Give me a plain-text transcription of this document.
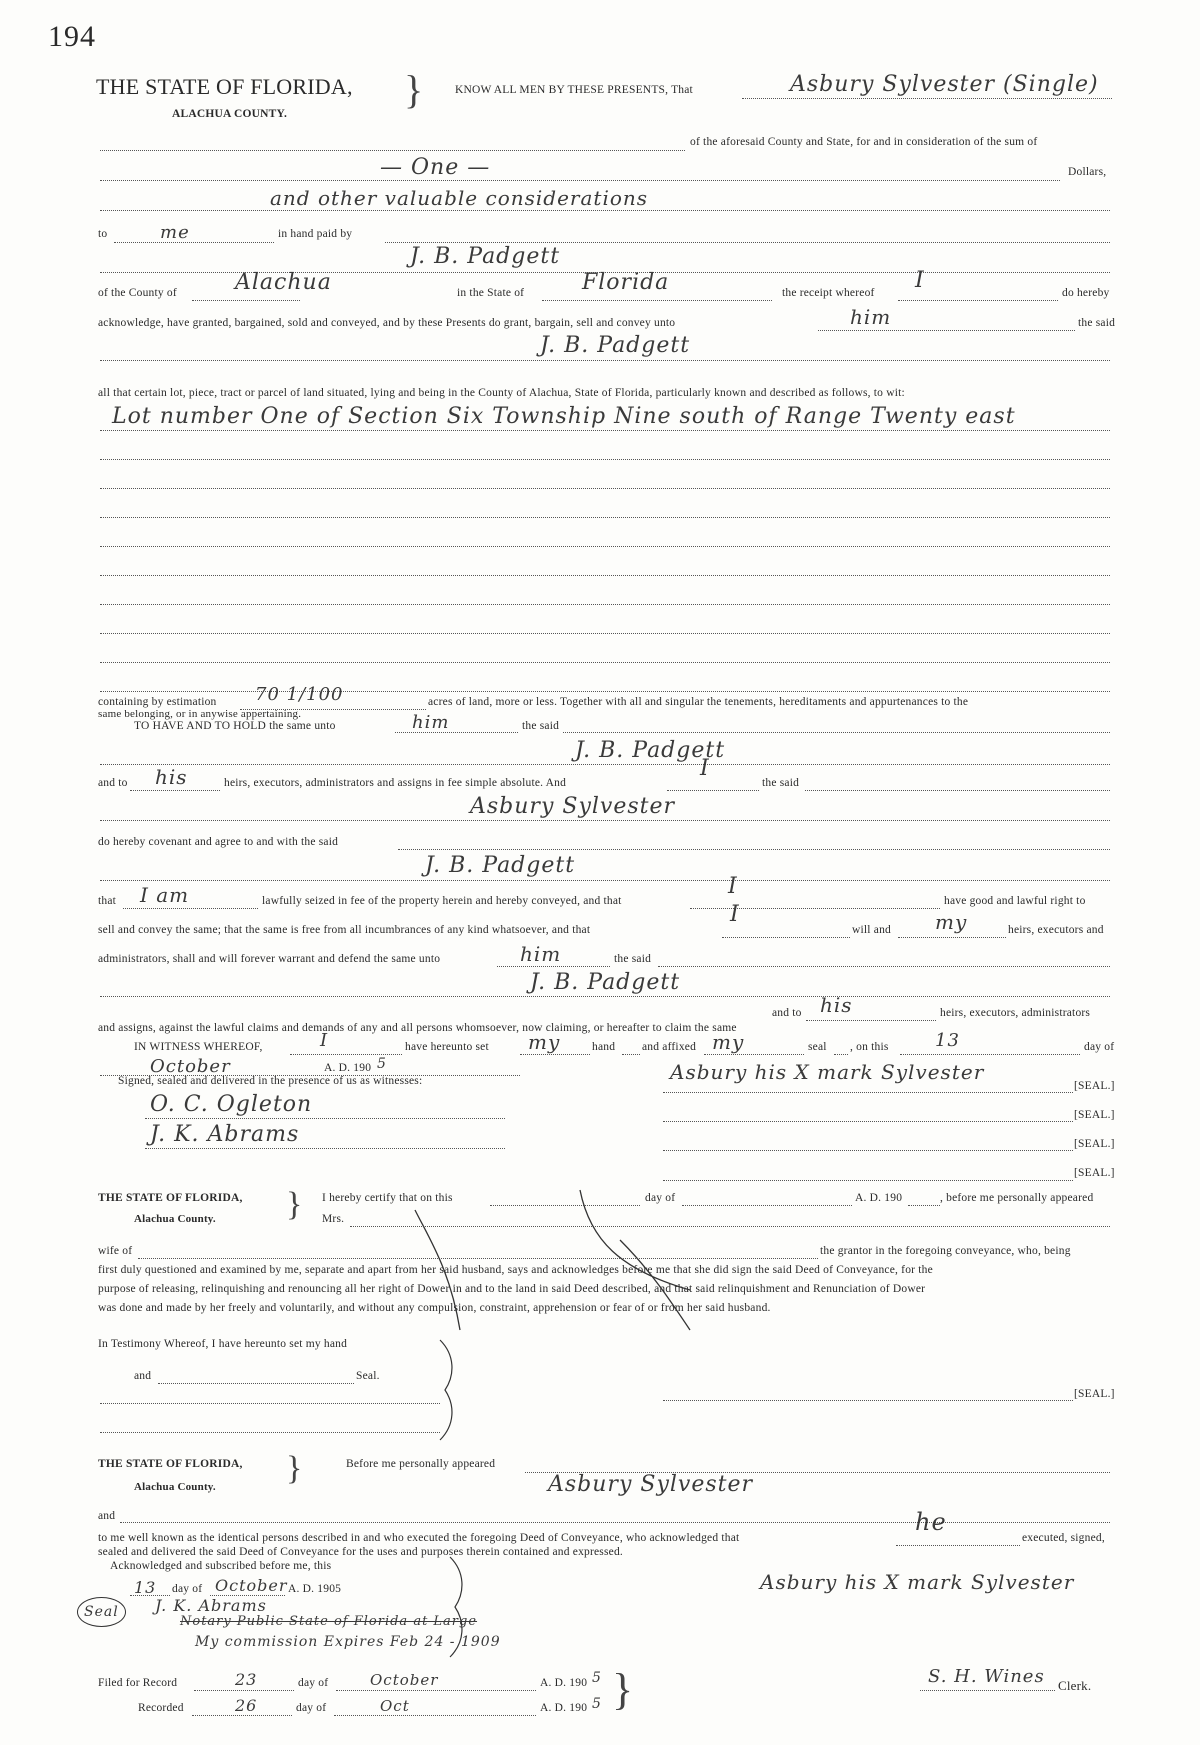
194
THE STATE OF FLORIDA, }
ALACHUA COUNTY.
KNOW ALL MEN BY THESE PRESENTS, That	Asbury Sylvester (Single)
of the aforesaid County and State, for and in consideration of the sum of
— One —	Dollars,
and other valuable considerations
to	me	in hand paid by
J. B. Padgett
of the County of	Alachua	in the State of	Florida	the receipt whereof I	do hereby
acknowledge, have granted, bargained, sold and conveyed, and by these Presents do grant, bargain, sell and convey unto	him	the said
J. B. Padgett
all that certain lot, piece, tract or parcel of land situated, lying and being in the County of Alachua, State of Florida, particularly known and described as follows, to wit:
Lot number One of Section Six Township Nine south of Range Twenty east
containing by estimation 70 1/100	acres of land, more or less. Together with all and singular the tenements, hereditaments and appurtenances to the
same belonging, or in anywise appertaining.
TO HAVE AND TO HOLD the same unto	him	the said
J. B. Padgett
and to his	heirs, executors, administrators and assigns in fee simple absolute. And
I
the said
Asbury Sylvester
do hereby covenant and agree to and with the said
J. B. Padgett
that I am	lawfully seized in fee of the property herein and hereby conveyed, and that
I
have good and lawful right to
sell and convey the same; that the same is free from all incumbrances of any kind whatsoever, and that
I
will and my	heirs, executors and
administrators, shall and will forever warrant and defend the same unto	him	the said
J. B. Padgett
and to his	heirs, executors, administrators
and assigns, against the lawful claims and demands of any and all persons whomsoever, now claiming, or hereafter to claim the same
IN WITNESS WHEREOF,	I	have hereunto set my	hand and affixed my	seal , on this	13	day of
October	A. D. 190 5
Signed, sealed and delivered in the presence of us as witnesses:	Asbury his X mark Sylvester
[SEAL.]
[SEAL.]
[SEAL.]
[SEAL.]
O. C. Ogleton
J. K. Abrams
THE STATE OF FLORIDA, }
Alachua County.
I hereby certify that on this	day of	A. D. 190	, before me personally appeared
Mrs.
wife of	the grantor in the foregoing conveyance, who, being
first duly questioned and examined by me, separate and apart from her said husband, says and acknowledges before me that she did sign the said Deed of Conveyance, for the
purpose of releasing, relinquishing and renouncing all her right of Dower in and to the land in said Deed described, and that said relinquishment and Renunciation of Dower
was done and made by her freely and voluntarily, and without any compulsion, constraint, apprehension or fear of or from her said husband.
In Testimony Whereof, I have hereunto set my hand
and	Seal.
[SEAL.]
THE STATE OF FLORIDA, }
Alachua County.
Before me personally appeared
Asbury Sylvester
and
to me well known as the identical persons described in and who executed the foregoing Deed of Conveyance, who acknowledged that
he
executed, signed,
sealed and delivered the said Deed of Conveyance for the uses and purposes therein contained and expressed.
Acknowledged and subscribed before me, this
13 day of October A. D. 1905
Seal	J. K. Abrams
Notary Public State of Florida at Large
My commission Expires Feb 24 - 1909
Asbury his X mark Sylvester
Filed for Record	23	day of	October	A. D. 190 5
Recorded	26	day of	Oct	A. D. 190 5 }	S. H. Wines Clerk.
